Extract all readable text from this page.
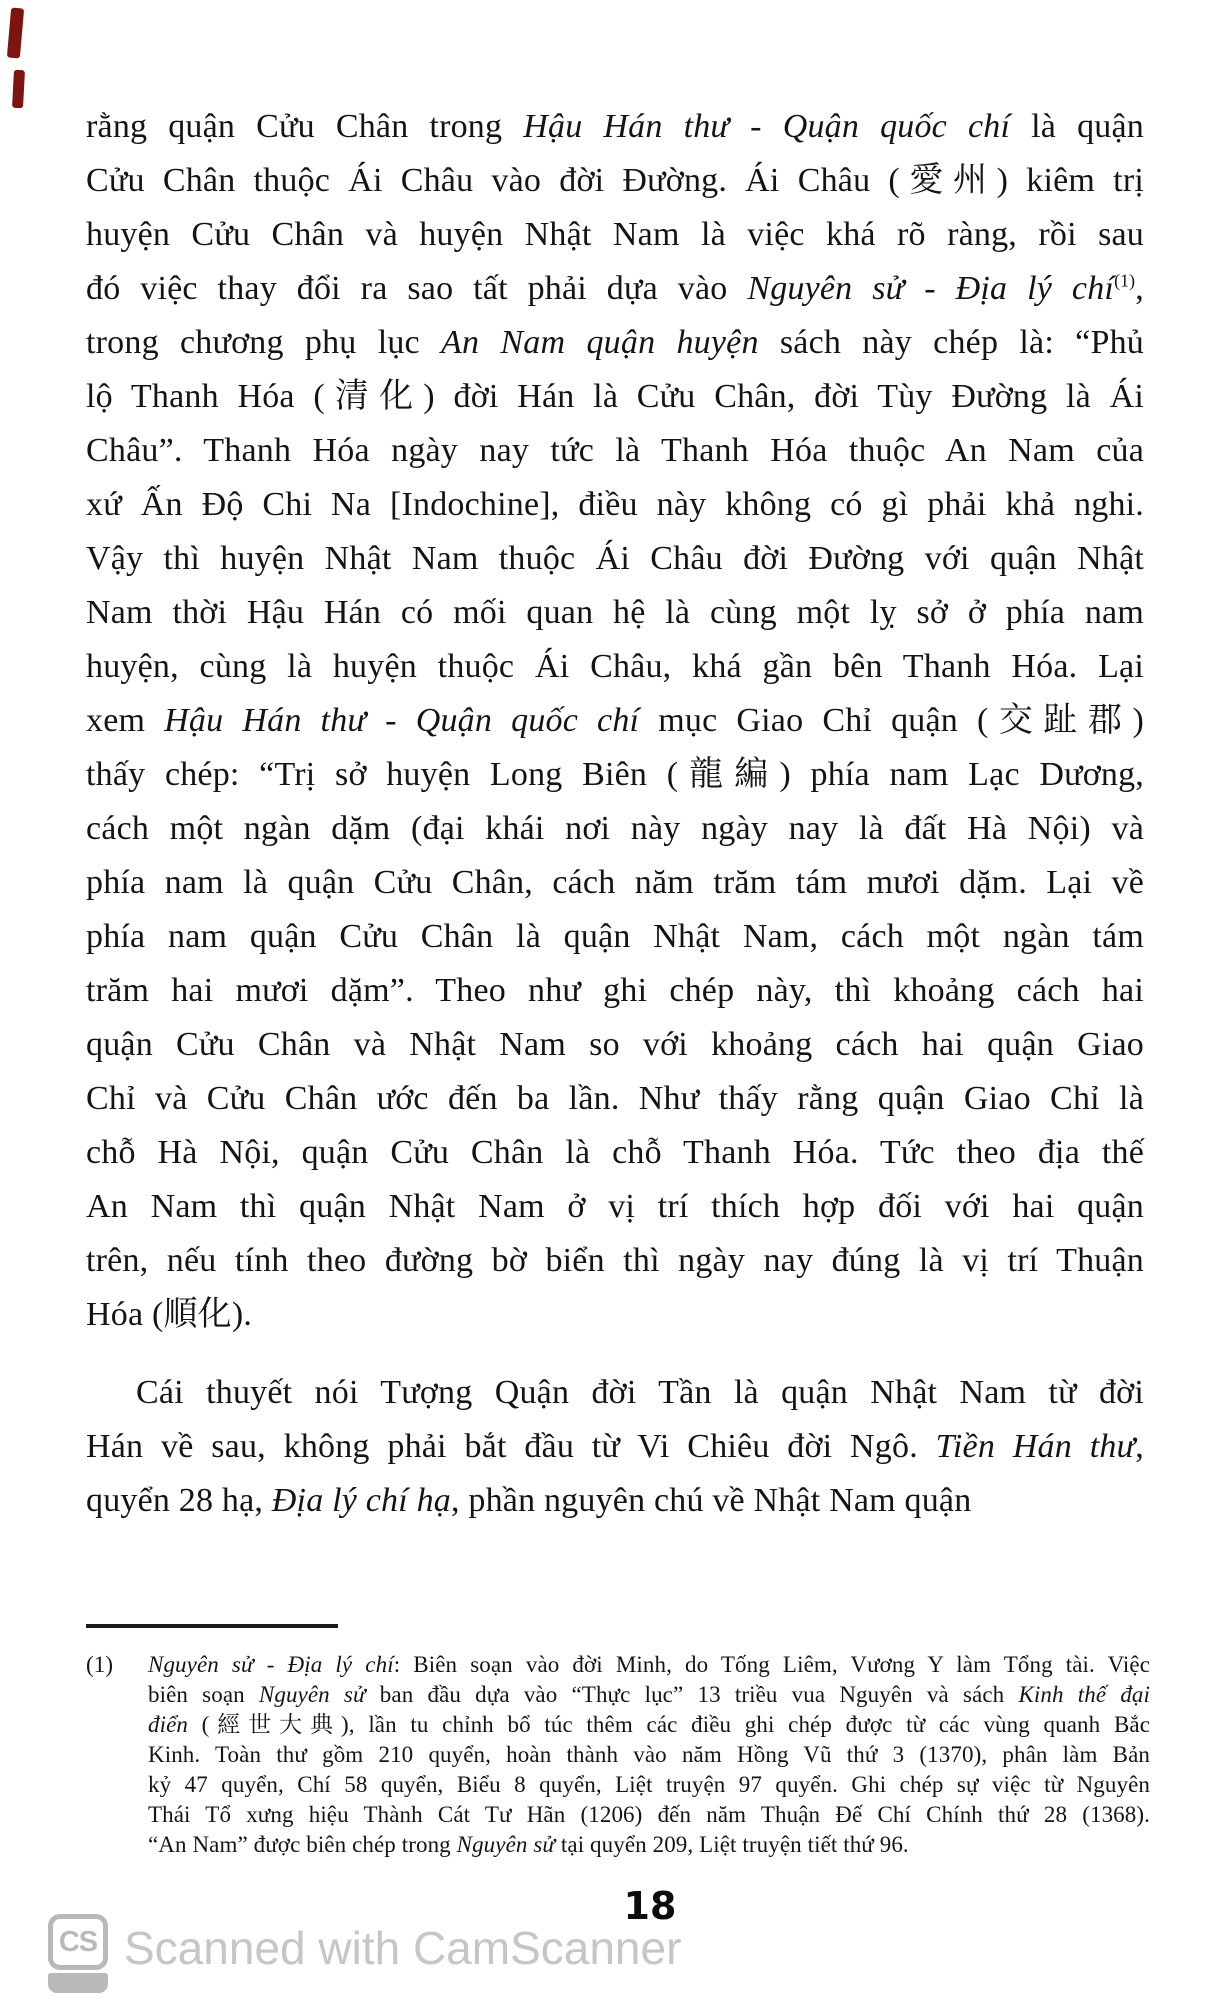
rằng quận Cửu Chân trong Hậu Hán thư - Quận quốc chí là quận
Cửu Chân thuộc Ái Châu vào đời Đường. Ái Châu (愛州) kiêm trị
huyện Cửu Chân và huyện Nhật Nam là việc khá rõ ràng, rồi sau
đó việc thay đổi ra sao tất phải dựa vào Nguyên sử - Địa lý chí$^{(1)}$,
trong chương phụ lục An Nam quận huyện sách này chép là: “Phủ
lộ Thanh Hóa (清化) đời Hán là Cửu Chân, đời Tùy Đường là Ái
Châu”. Thanh Hóa ngày nay tức là Thanh Hóa thuộc An Nam của
xứ Ấn Độ Chi Na [Indochine], điều này không có gì phải khả nghi.
Vậy thì huyện Nhật Nam thuộc Ái Châu đời Đường với quận Nhật
Nam thời Hậu Hán có mối quan hệ là cùng một lỵ sở ở phía nam
huyện, cùng là huyện thuộc Ái Châu, khá gần bên Thanh Hóa. Lại
xem Hậu Hán thư - Quận quốc chí mục Giao Chỉ quận (交趾郡)
thấy chép: “Trị sở huyện Long Biên (龍編) phía nam Lạc Dương,
cách một ngàn dặm (đại khái nơi này ngày nay là đất Hà Nội) và
phía nam là quận Cửu Chân, cách năm trăm tám mươi dặm. Lại về
phía nam quận Cửu Chân là quận Nhật Nam, cách một ngàn tám
trăm hai mươi dặm”. Theo như ghi chép này, thì khoảng cách hai
quận Cửu Chân và Nhật Nam so với khoảng cách hai quận Giao
Chỉ và Cửu Chân ước đến ba lần. Như thấy rằng quận Giao Chỉ là
chỗ Hà Nội, quận Cửu Chân là chỗ Thanh Hóa. Tức theo địa thế
An Nam thì quận Nhật Nam ở vị trí thích hợp đối với hai quận
trên, nếu tính theo đường bờ biển thì ngày nay đúng là vị trí Thuận
Hóa (順化).
Cái thuyết nói Tượng Quận đời Tần là quận Nhật Nam từ đời
Hán về sau, không phải bắt đầu từ Vi Chiêu đời Ngô. Tiền Hán thư,
quyển 28 hạ, Địa lý chí hạ, phần nguyên chú về Nhật Nam quận
(1)	Nguyên sử - Địa lý chí: Biên soạn vào đời Minh, do Tống Liêm, Vương Y làm Tổng tài. Việc
biên soạn Nguyên sử ban đầu dựa vào “Thực lục” 13 triều vua Nguyên và sách Kinh thế đại
điển (經世大典), lần tu chỉnh bổ túc thêm các điều ghi chép được từ các vùng quanh Bắc
Kinh. Toàn thư gồm 210 quyển, hoàn thành vào năm Hồng Vũ thứ 3 (1370), phân làm Bản
kỷ 47 quyển, Chí 58 quyển, Biểu 8 quyển, Liệt truyện 97 quyển. Ghi chép sự việc từ Nguyên
Thái Tổ xưng hiệu Thành Cát Tư Hãn (1206) đến năm Thuận Đế Chí Chính thứ 28 (1368).
“An Nam” được biên chép trong Nguyên sử tại quyển 209, Liệt truyện tiết thứ 96.
18
CS Scanned with CamScanner
